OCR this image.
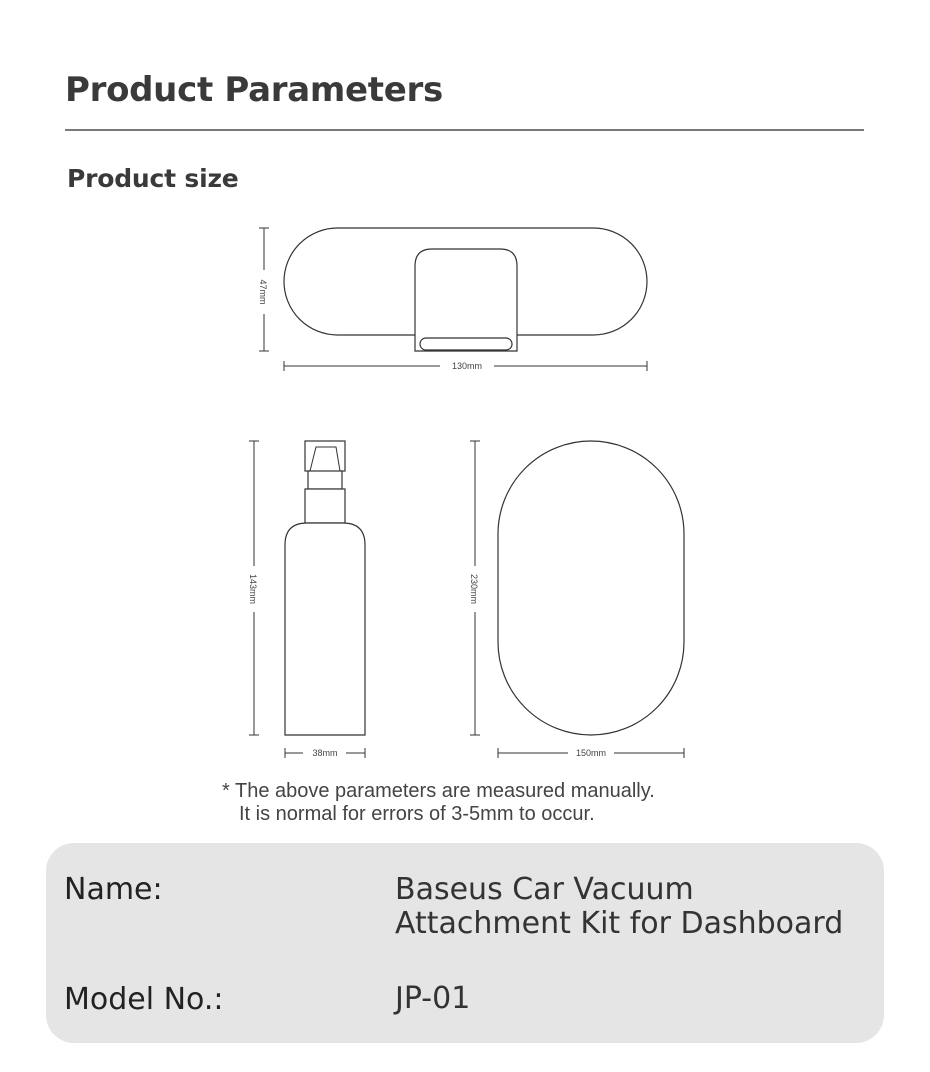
Product Parameters
Product size
47mm
130mm
143mm
38mm
230mm
150mm
* The above parameters are measured manually.
It is normal for errors of 3-5mm to occur.
Name:	Baseus Car Vacuum
Attachment Kit for Dashboard
Model No.:	JP-01
